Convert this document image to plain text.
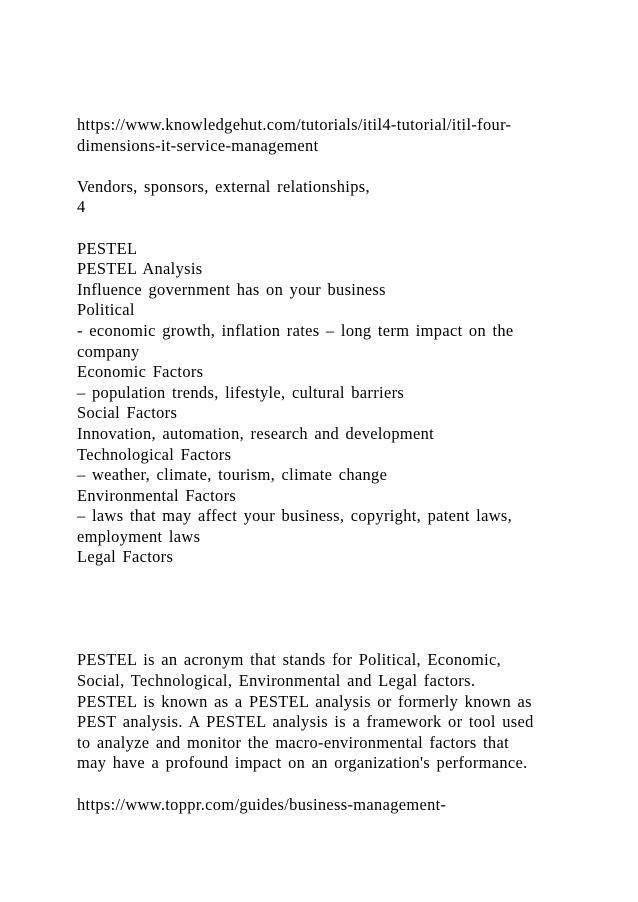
https://www.knowledgehut.com/tutorials/itil4-tutorial/itil-four-
dimensions-it-service-management
Vendors, sponsors, external relationships,
4
PESTEL
PESTEL Analysis
Influence government has on your business
Political
- economic growth, inflation rates – long term impact on the
company
Economic Factors
– population trends, lifestyle, cultural barriers
Social Factors
Innovation, automation, research and development
Technological Factors
– weather, climate, tourism, climate change
Environmental Factors
– laws that may affect your business, copyright, patent laws,
employment laws
Legal Factors
PESTEL is an acronym that stands for Political, Economic,
Social, Technological, Environmental and Legal factors.
PESTEL is known as a PESTEL analysis or formerly known as
PEST analysis. A PESTEL analysis is a framework or tool used
to analyze and monitor the macro-environmental factors that
may have a profound impact on an organization's performance.
https://www.toppr.com/guides/business-management-
